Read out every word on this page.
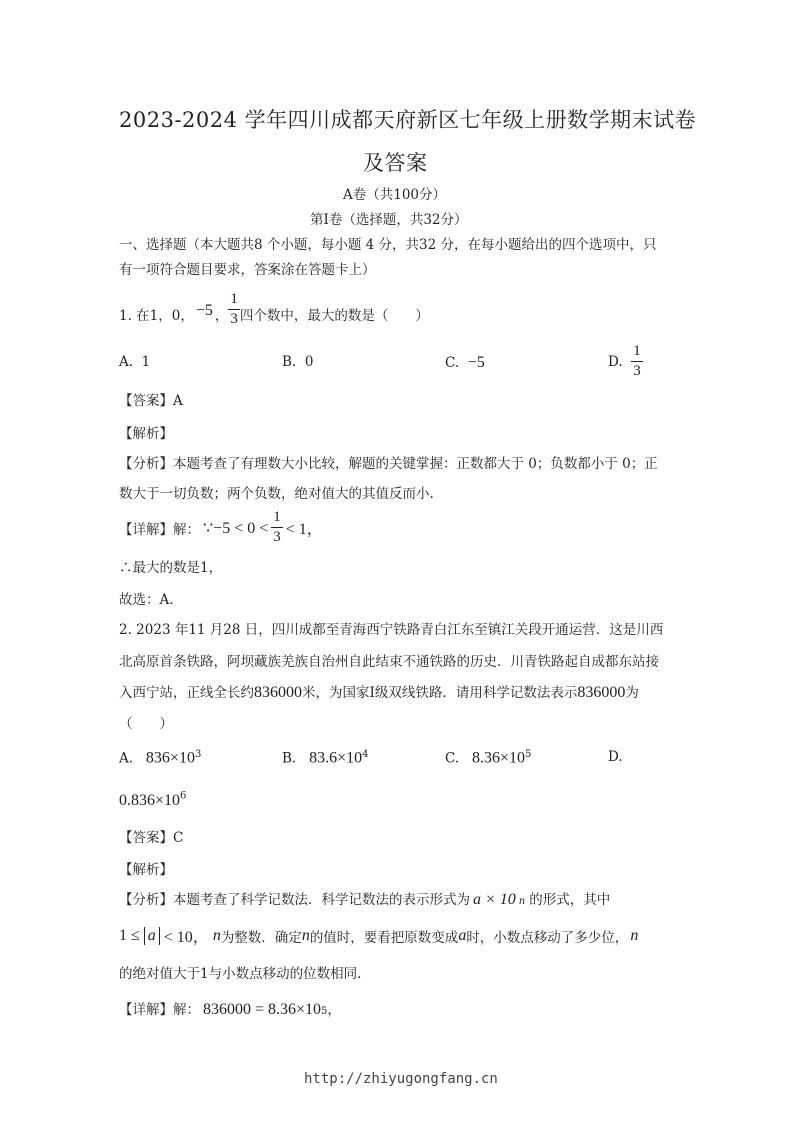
2023-2024 学年四川成都天府新区七年级上册数学期末试卷
及答案
A卷（共100分）
第Ⅰ卷（选择题，共32分）
一、选择题（本大题共8 个小题，每小题 4 分，共32 分，在每小题给出的四个选项中，只
有一项符合题目要求，答案涂在答题卡上）
1. 在1，0， −5 ， $\frac{1}{3}$ 四个数中，最大的数是（　　）
A. 1	B. 0	C. −5	D.
$\frac{1}{3}$
【答案】A
【解析】
【分析】本题考查了有理数大小比较，解题的关键掌握：正数都大于 0；负数都小于 0；正
数大于一切负数；两个负数，绝对值大的其值反而小.
【详解】解： ∵−5 < $0 < \frac{1}{3} < 1$，
∴最大的数是1，
故选：A.
2. 2023 年11 月28 日，四川成都至青海西宁铁路青白江东至镇江关段开通运营．这是川西
北高原首条铁路，阿坝藏族羌族自治州自此结束不通铁路的历史．川青铁路起自成都东站接
入西宁站，正线全长约 836000 米，为国家Ⅰ级双线铁路．请用科学记数法表示 836000 为
（　　）
A. $836\times 10^3$	B. $83.6\times 10^4$	C. $8.36\times 10^5$	D.
$0.836\times 10^6$
【答案】C
【解析】
【分析】本题考查了科学记数法．科学记数法的表示形式为 a × 10 n 的形式，其中
1 ≤ a < 10， n 为整数．确定 n 的值时，要看把原数变成 a 时，小数点移动了多少位， n
的绝对值大于1与小数点移动的位数相同.
【详解】解： 836000 = 8.36×10 5 ，
http://zhiyugongfang.cn
